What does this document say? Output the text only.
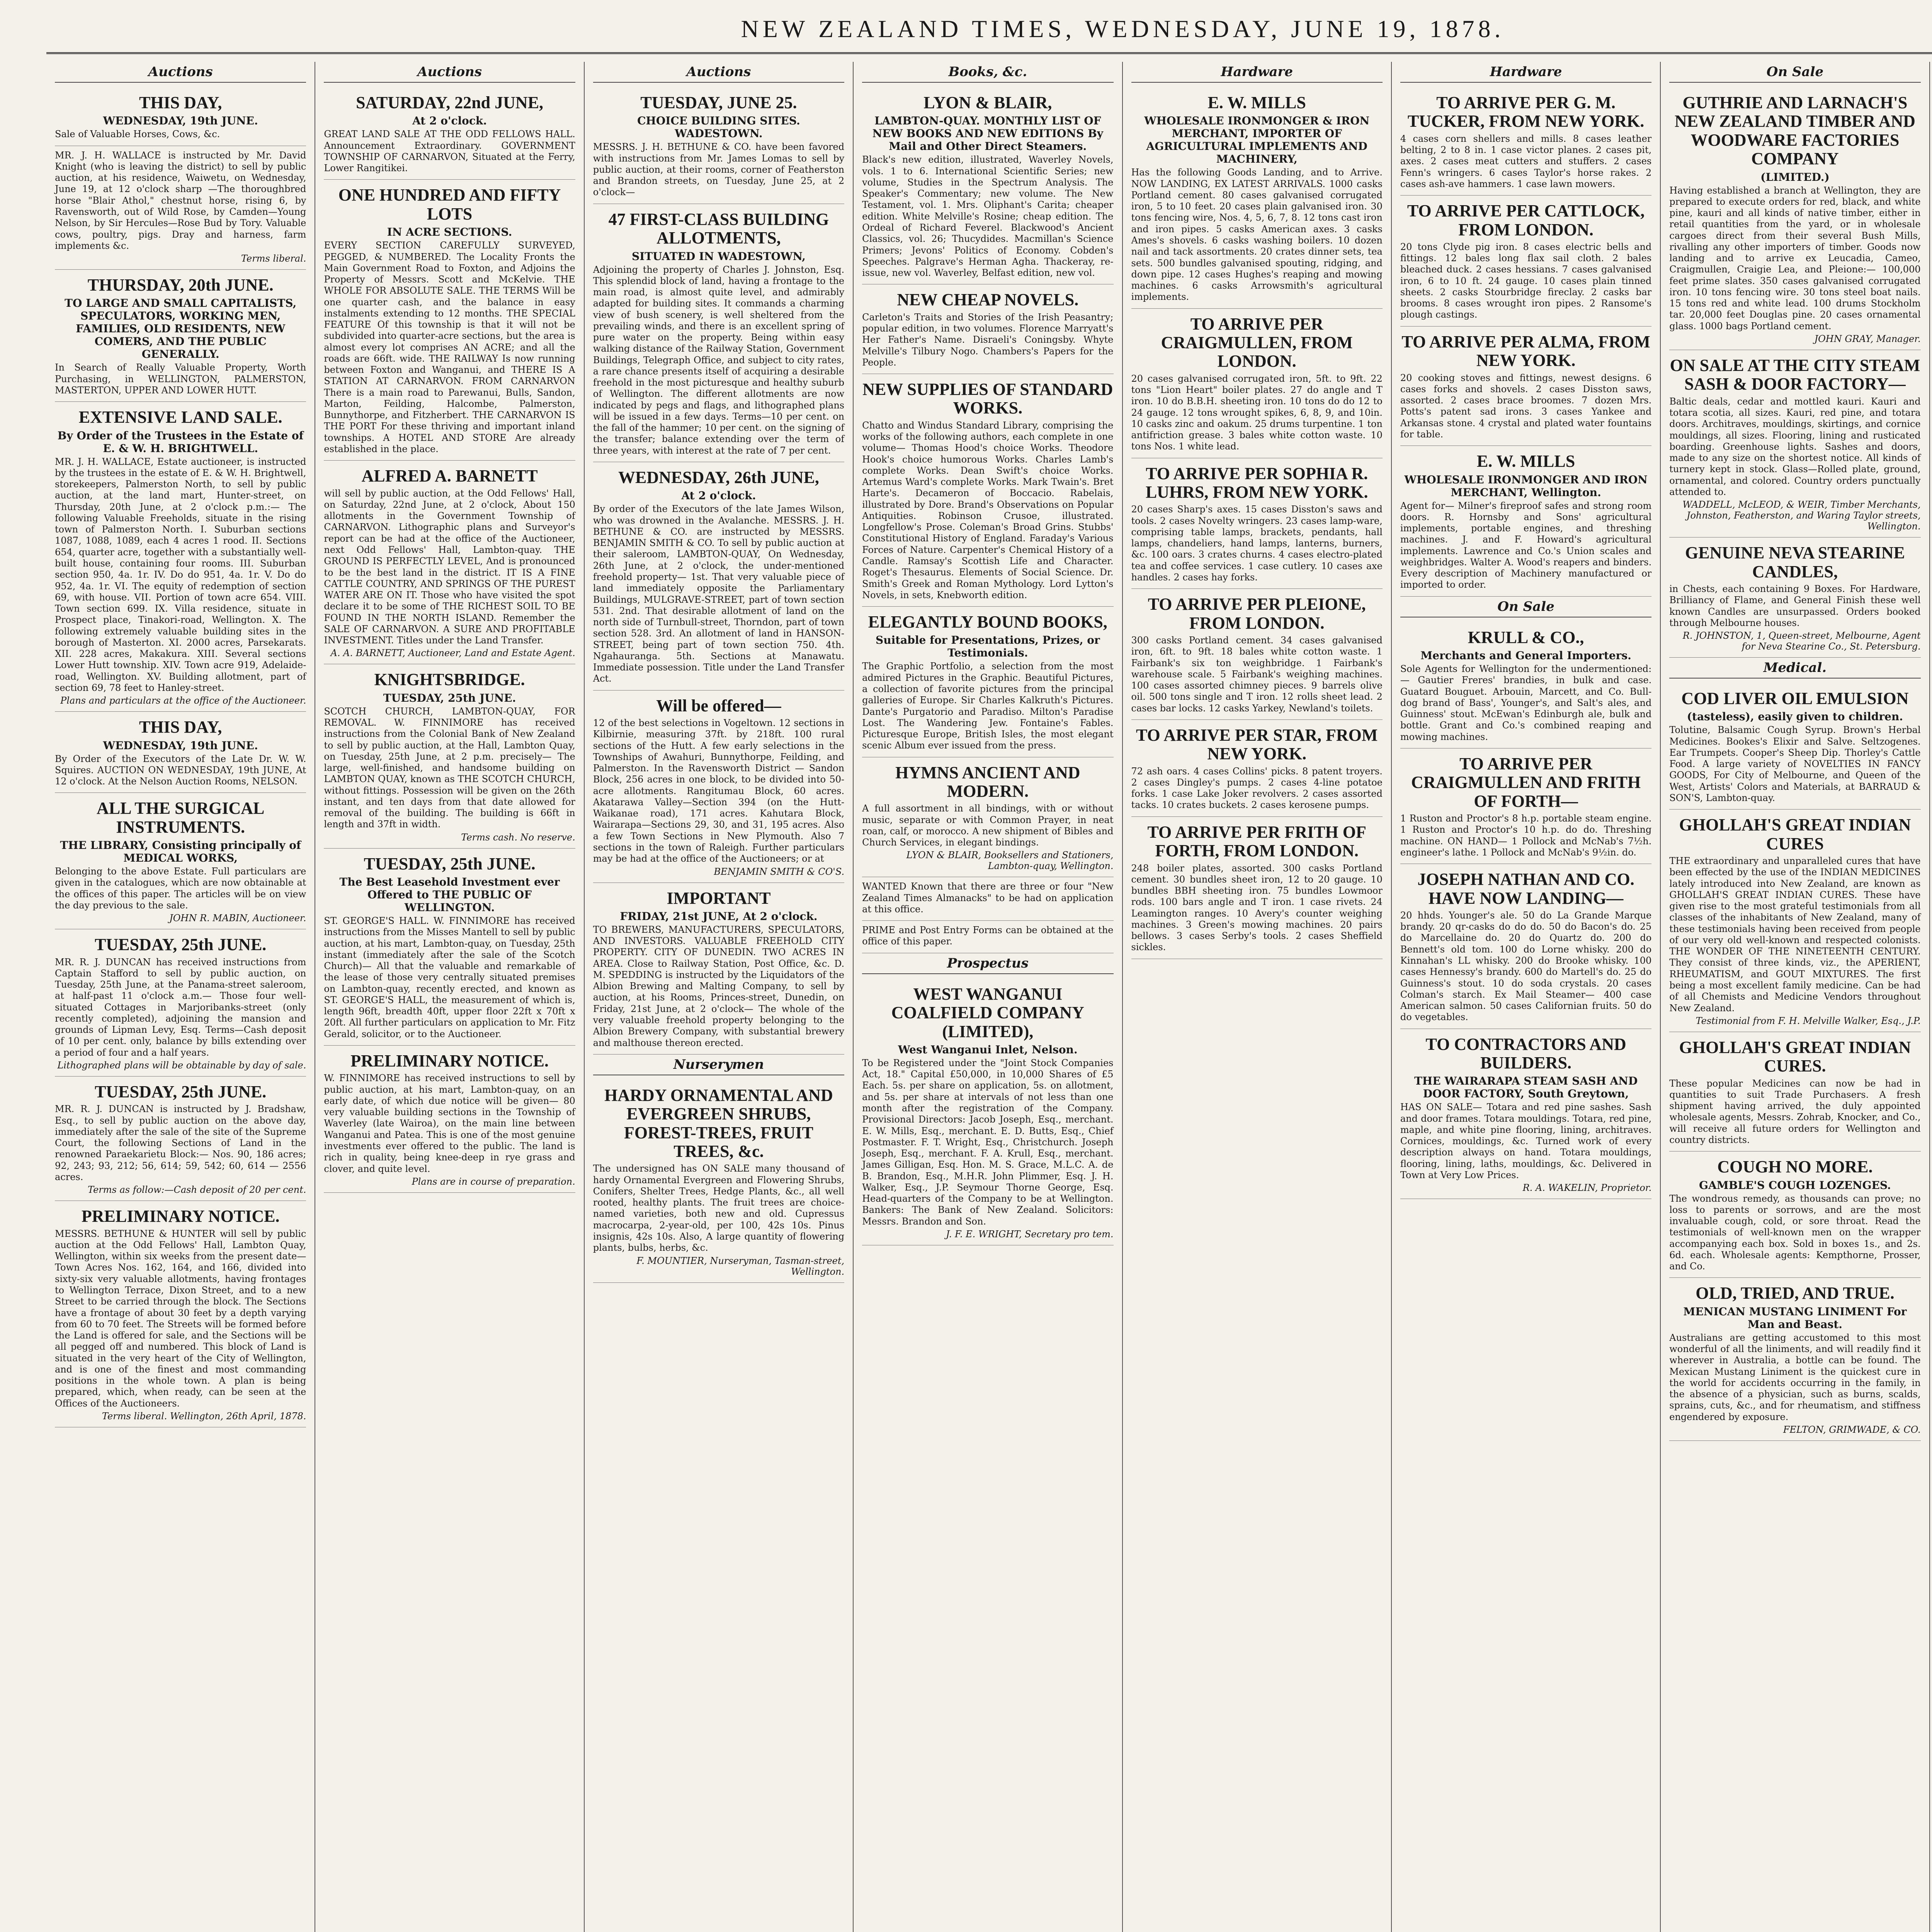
NEW ZEALAND TIMES, WEDNESDAY, JUNE 19, 1878.
Auctions
THIS DAY,
WEDNESDAY, 19th JUNE.
Sale of Valuable Horses, Cows, &c.
MR. J. H. WALLACE is instructed by Mr. David Knight (who is leaving the district) to sell by public auction, at his residence, Waiwetu, on Wednesday, June 19, at 12 o'clock sharp —The thoroughbred horse "Blair Athol," chestnut horse, rising 6, by Ravensworth, out of Wild Rose, by Camden—Young Nelson, by Sir Hercules—Rose Bud by Tory. Valuable cows, poultry, pigs. Dray and harness, farm implements &c.
Terms liberal.
THURSDAY, 20th JUNE.
TO LARGE AND SMALL CAPITALISTS, SPECULATORS, WORKING MEN, FAMILIES, OLD RESIDENTS, NEW COMERS, AND THE PUBLIC GENERALLY.
In Search of Really Valuable Property, Worth Purchasing, in WELLINGTON, PALMERSTON, MASTERTON, UPPER AND LOWER HUTT.
EXTENSIVE LAND SALE.
By Order of the Trustees in the Estate of E. & W. H. BRIGHTWELL.
MR. J. H. WALLACE, Estate auctioneer, is instructed by the trustees in the estate of E. & W. H. Brightwell, storekeepers, Palmerston North, to sell by public auction, at the land mart, Hunter-street, on Thursday, 20th June, at 2 o'clock p.m.:— The following Valuable Freeholds, situate in the rising town of Palmerston North. I. Suburban sections 1087, 1088, 1089, each 4 acres 1 rood. II. Sections 654, quarter acre, together with a substantially well-built house, containing four rooms. III. Suburban section 950, 4a. 1r. IV. Do do 951, 4a. 1r. V. Do do 952, 4a. 1r. VI. The equity of redemption of section 69, with house. VII. Portion of town acre 654. VIII. Town section 699. IX. Villa residence, situate in Prospect place, Tinakori-road, Wellington. X. The following extremely valuable building sites in the borough of Masterton. XI. 2000 acres, Parsekarats. XII. 228 acres, Makakura. XIII. Several sections Lower Hutt township. XIV. Town acre 919, Adelaide-road, Wellington. XV. Building allotment, part of section 69, 78 feet to Hanley-street.
Plans and particulars at the office of the Auctioneer.
THIS DAY,
WEDNESDAY, 19th JUNE.
By Order of the Executors of the Late Dr. W. W. Squires. AUCTION ON WEDNESDAY, 19th JUNE, At 12 o'clock. At the Nelson Auction Rooms, NELSON.
ALL THE SURGICAL INSTRUMENTS.
THE LIBRARY, Consisting principally of MEDICAL WORKS,
Belonging to the above Estate. Full particulars are given in the catalogues, which are now obtainable at the offices of this paper. The articles will be on view the day previous to the sale.
JOHN R. MABIN, Auctioneer.
TUESDAY, 25th JUNE.
MR. R. J. DUNCAN has received instructions from Captain Stafford to sell by public auction, on Tuesday, 25th June, at the Panama-street saleroom, at half-past 11 o'clock a.m.— Those four well-situated Cottages in Marjoribanks-street (only recently completed), adjoining the mansion and grounds of Lipman Levy, Esq. Terms—Cash deposit of 10 per cent. only, balance by bills extending over a period of four and a half years.
Lithographed plans will be obtainable by day of sale.
TUESDAY, 25th JUNE.
MR. R. J. DUNCAN is instructed by J. Bradshaw, Esq., to sell by public auction on the above day, immediately after the sale of the site of the Supreme Court, the following Sections of Land in the renowned Paraekarietu Block:— Nos. 90, 186 acres; 92, 243; 93, 212; 56, 614; 59, 542; 60, 614 — 2556 acres.
Terms as follow:—Cash deposit of 20 per cent.
PRELIMINARY NOTICE.
MESSRS. BETHUNE & HUNTER will sell by public auction at the Odd Fellows' Hall, Lambton Quay, Wellington, within six weeks from the present date— Town Acres Nos. 162, 164, and 166, divided into sixty-six very valuable allotments, having frontages to Wellington Terrace, Dixon Street, and to a new Street to be carried through the block. The Sections have a frontage of about 30 feet by a depth varying from 60 to 70 feet. The Streets will be formed before the Land is offered for sale, and the Sections will be all pegged off and numbered. This block of Land is situated in the very heart of the City of Wellington, and is one of the finest and most commanding positions in the whole town. A plan is being prepared, which, when ready, can be seen at the Offices of the Auctioneers.
Terms liberal. Wellington, 26th April, 1878.
Auctions
SATURDAY, 22nd JUNE,
At 2 o'clock.
GREAT LAND SALE AT THE ODD FELLOWS HALL. Announcement Extraordinary. GOVERNMENT TOWNSHIP OF CARNARVON, Situated at the Ferry, Lower Rangitikei.
ONE HUNDRED AND FIFTY LOTS
IN ACRE SECTIONS.
EVERY SECTION CAREFULLY SURVEYED, PEGGED, & NUMBERED. The Locality Fronts the Main Government Road to Foxton, and Adjoins the Property of Messrs. Scott and McKelvie. THE WHOLE FOR ABSOLUTE SALE. THE TERMS Will be one quarter cash, and the balance in easy instalments extending to 12 months. THE SPECIAL FEATURE Of this township is that it will not be subdivided into quarter-acre sections, but the area is almost every lot comprises AN ACRE; and all the roads are 66ft. wide. THE RAILWAY Is now running between Foxton and Wanganui, and THERE IS A STATION AT CARNARVON. FROM CARNARVON There is a main road to Parewanui, Bulls, Sandon, Marton, Feilding, Halcombe, Palmerston, Bunnythorpe, and Fitzherbert. THE CARNARVON IS THE PORT For these thriving and important inland townships. A HOTEL AND STORE Are already established in the place.
ALFRED A. BARNETT
will sell by public auction, at the Odd Fellows' Hall, on Saturday, 22nd June, at 2 o'clock, About 150 allotments in the Government Township of CARNARVON. Lithographic plans and Surveyor's report can be had at the office of the Auctioneer, next Odd Fellows' Hall, Lambton-quay. THE GROUND IS PERFECTLY LEVEL, And is pronounced to be the best land in the district. IT IS A FINE CATTLE COUNTRY, AND SPRINGS OF THE PUREST WATER ARE ON IT. Those who have visited the spot declare it to be some of THE RICHEST SOIL TO BE FOUND IN THE NORTH ISLAND. Remember the SALE OF CARNARVON. A SURE AND PROFITABLE INVESTMENT. Titles under the Land Transfer.
A. A. BARNETT, Auctioneer, Land and Estate Agent.
KNIGHTSBRIDGE.
TUESDAY, 25th JUNE.
SCOTCH CHURCH, LAMBTON-QUAY, FOR REMOVAL. W. FINNIMORE has received instructions from the Colonial Bank of New Zealand to sell by public auction, at the Hall, Lambton Quay, on Tuesday, 25th June, at 2 p.m. precisely— The large, well-finished, and handsome building on LAMBTON QUAY, known as THE SCOTCH CHURCH, without fittings. Possession will be given on the 26th instant, and ten days from that date allowed for removal of the building. The building is 66ft in length and 37ft in width.
Terms cash. No reserve.
TUESDAY, 25th JUNE.
The Best Leasehold Investment ever Offered to THE PUBLIC OF WELLINGTON.
ST. GEORGE'S HALL. W. FINNIMORE has received instructions from the Misses Mantell to sell by public auction, at his mart, Lambton-quay, on Tuesday, 25th instant (immediately after the sale of the Scotch Church)— All that the valuable and remarkable of the lease of those very centrally situated premises on Lambton-quay, recently erected, and known as ST. GEORGE'S HALL, the measurement of which is, length 96ft, breadth 40ft, upper floor 22ft x 70ft x 20ft. All further particulars on application to Mr. Fitz Gerald, solicitor, or to the Auctioneer.
PRELIMINARY NOTICE.
W. FINNIMORE has received instructions to sell by public auction, at his mart, Lambton-quay, on an early date, of which due notice will be given— 80 very valuable building sections in the Township of Waverley (late Wairoa), on the main line between Wanganui and Patea. This is one of the most genuine investments ever offered to the public. The land is rich in quality, being knee-deep in rye grass and clover, and quite level.
Plans are in course of preparation.
Auctions
TUESDAY, JUNE 25.
CHOICE BUILDING SITES. WADESTOWN.
MESSRS. J. H. BETHUNE & CO. have been favored with instructions from Mr. James Lomas to sell by public auction, at their rooms, corner of Featherston and Brandon streets, on Tuesday, June 25, at 2 o'clock—
47 FIRST-CLASS BUILDING ALLOTMENTS,
SITUATED IN WADESTOWN,
Adjoining the property of Charles J. Johnston, Esq. This splendid block of land, having a frontage to the main road, is almost quite level, and admirably adapted for building sites. It commands a charming view of bush scenery, is well sheltered from the prevailing winds, and there is an excellent spring of pure water on the property. Being within easy walking distance of the Railway Station, Government Buildings, Telegraph Office, and subject to city rates, a rare chance presents itself of acquiring a desirable freehold in the most picturesque and healthy suburb of Wellington. The different allotments are now indicated by pegs and flags, and lithographed plans will be issued in a few days. Terms—10 per cent. on the fall of the hammer; 10 per cent. on the signing of the transfer; balance extending over the term of three years, with interest at the rate of 7 per cent.
WEDNESDAY, 26th JUNE,
At 2 o'clock.
By order of the Executors of the late James Wilson, who was drowned in the Avalanche. MESSRS. J. H. BETHUNE & CO. are instructed by MESSRS. BENJAMIN SMITH & CO. To sell by public auction at their saleroom, LAMBTON-QUAY, On Wednesday, 26th June, at 2 o'clock, the under-mentioned freehold property— 1st. That very valuable piece of land immediately opposite the Parliamentary Buildings, MULGRAVE-STREET, part of town section 531. 2nd. That desirable allotment of land on the north side of Turnbull-street, Thorndon, part of town section 528. 3rd. An allotment of land in HANSON-STREET, being part of town section 750. 4th. Ngahauranga. 5th. Sections at Manawatu. Immediate possession. Title under the Land Transfer Act.
Will be offered—
12 of the best selections in Vogeltown. 12 sections in Kilbirnie, measuring 37ft. by 218ft. 100 rural sections of the Hutt. A few early selections in the Townships of Awahuri, Bunnythorpe, Feilding, and Palmerston. In the Ravensworth District — Sandon Block, 256 acres in one block, to be divided into 50-acre allotments. Rangitumau Block, 60 acres. Akatarawa Valley—Section 394 (on the Hutt-Waikanae road), 171 acres. Kahutara Block, Wairarapa—Sections 29, 30, and 31, 195 acres. Also a few Town Sections in New Plymouth. Also 7 sections in the town of Raleigh. Further particulars may be had at the office of the Auctioneers; or at
BENJAMIN SMITH & CO'S.
IMPORTANT
FRIDAY, 21st JUNE, At 2 o'clock.
TO BREWERS, MANUFACTURERS, SPECULATORS, AND INVESTORS. VALUABLE FREEHOLD CITY PROPERTY. CITY OF DUNEDIN. TWO ACRES IN AREA. Close to Railway Station, Post Office, &c. D. M. SPEDDING is instructed by the Liquidators of the Albion Brewing and Malting Company, to sell by auction, at his Rooms, Princes-street, Dunedin, on Friday, 21st June, at 2 o'clock— The whole of the very valuable freehold property belonging to the Albion Brewery Company, with substantial brewery and malthouse thereon erected.
Nurserymen
HARDY ORNAMENTAL AND EVERGREEN SHRUBS, FOREST-TREES, FRUIT TREES, &c.
The undersigned has ON SALE many thousand of hardy Ornamental Evergreen and Flowering Shrubs, Conifers, Shelter Trees, Hedge Plants, &c., all well rooted, healthy plants. The fruit trees are choice-named varieties, both new and old. Cupressus macrocarpa, 2-year-old, per 100, 42s 10s. Pinus insignis, 42s 10s. Also, A large quantity of flowering plants, bulbs, herbs, &c.
F. MOUNTIER, Nurseryman, Tasman-street, Wellington.
Books, &c.
LYON & BLAIR,
LAMBTON-QUAY. MONTHLY LIST OF NEW BOOKS AND NEW EDITIONS By Mail and Other Direct Steamers.
Black's new edition, illustrated, Waverley Novels, vols. 1 to 6. International Scientific Series; new volume, Studies in the Spectrum Analysis. The Speaker's Commentary; new volume. The New Testament, vol. 1. Mrs. Oliphant's Carita; cheaper edition. White Melville's Rosine; cheap edition. The Ordeal of Richard Feverel. Blackwood's Ancient Classics, vol. 26; Thucydides. Macmillan's Science Primers; Jevons' Politics of Economy. Cobden's Speeches. Palgrave's Herman Agha. Thackeray, re-issue, new vol. Waverley, Belfast edition, new vol.
NEW CHEAP NOVELS.
Carleton's Traits and Stories of the Irish Peasantry; popular edition, in two volumes. Florence Marryatt's Her Father's Name. Disraeli's Coningsby. Whyte Melville's Tilbury Nogo. Chambers's Papers for the People.
NEW SUPPLIES OF STANDARD WORKS.
Chatto and Windus Standard Library, comprising the works of the following authors, each complete in one volume— Thomas Hood's choice Works. Theodore Hook's choice humorous Works. Charles Lamb's complete Works. Dean Swift's choice Works. Artemus Ward's complete Works. Mark Twain's. Bret Harte's. Decameron of Boccacio. Rabelais, illustrated by Dore. Brand's Observations on Popular Antiquities. Robinson Crusoe, illustrated. Longfellow's Prose. Coleman's Broad Grins. Stubbs' Constitutional History of England. Faraday's Various Forces of Nature. Carpenter's Chemical History of a Candle. Ramsay's Scottish Life and Character. Roget's Thesaurus. Elements of Social Science. Dr. Smith's Greek and Roman Mythology. Lord Lytton's Novels, in sets, Knebworth edition.
ELEGANTLY BOUND BOOKS,
Suitable for Presentations, Prizes, or Testimonials.
The Graphic Portfolio, a selection from the most admired Pictures in the Graphic. Beautiful Pictures, a collection of favorite pictures from the principal galleries of Europe. Sir Charles Kalkruth's Pictures. Dante's Purgatorio and Paradiso. Milton's Paradise Lost. The Wandering Jew. Fontaine's Fables. Picturesque Europe, British Isles, the most elegant scenic Album ever issued from the press.
HYMNS ANCIENT AND MODERN.
A full assortment in all bindings, with or without music, separate or with Common Prayer, in neat roan, calf, or morocco. A new shipment of Bibles and Church Services, in elegant bindings.
LYON & BLAIR, Booksellers and Stationers, Lambton-quay, Wellington.
WANTED Known that there are three or four "New Zealand Times Almanacks" to be had on application at this office.
PRIME and Post Entry Forms can be obtained at the office of this paper.
Prospectus
WEST WANGANUI COALFIELD COMPANY (LIMITED),
West Wanganui Inlet, Nelson.
To be Registered under the "Joint Stock Companies Act, 18." Capital £50,000, in 10,000 Shares of £5 Each. 5s. per share on application, 5s. on allotment, and 5s. per share at intervals of not less than one month after the registration of the Company. Provisional Directors: Jacob Joseph, Esq., merchant. E. W. Mills, Esq., merchant. E. D. Butts, Esq., Chief Postmaster. F. T. Wright, Esq., Christchurch. Joseph Joseph, Esq., merchant. F. A. Krull, Esq., merchant. James Gilligan, Esq. Hon. M. S. Grace, M.L.C. A. de B. Brandon, Esq., M.H.R. John Plimmer, Esq. J. H. Walker, Esq., J.P. Seymour Thorne George, Esq. Head-quarters of the Company to be at Wellington. Bankers: The Bank of New Zealand. Solicitors: Messrs. Brandon and Son.
J. F. E. WRIGHT, Secretary pro tem.
Hardware
E. W. MILLS
WHOLESALE IRONMONGER & IRON MERCHANT, IMPORTER OF AGRICULTURAL IMPLEMENTS AND MACHINERY,
Has the following Goods Landing, and to Arrive. NOW LANDING, EX LATEST ARRIVALS. 1000 casks Portland cement. 80 cases galvanised corrugated iron, 5 to 10 feet. 20 cases plain galvanised iron. 30 tons fencing wire, Nos. 4, 5, 6, 7, 8. 12 tons cast iron and iron pipes. 5 casks American axes. 3 casks Ames's shovels. 6 casks washing boilers. 10 dozen nail and tack assortments. 20 crates dinner sets, tea sets. 500 bundles galvanised spouting, ridging, and down pipe. 12 cases Hughes's reaping and mowing machines. 6 casks Arrowsmith's agricultural implements.
TO ARRIVE PER CRAIGMULLEN, FROM LONDON.
20 cases galvanised corrugated iron, 5ft. to 9ft. 22 tons "Lion Heart" boiler plates. 27 do angle and T iron. 10 do B.B.H. sheeting iron. 10 tons do do 12 to 24 gauge. 12 tons wrought spikes, 6, 8, 9, and 10in. 10 casks zinc and oakum. 25 drums turpentine. 1 ton antifriction grease. 3 bales white cotton waste. 10 tons Nos. 1 white lead.
TO ARRIVE PER SOPHIA R. LUHRS, FROM NEW YORK.
20 cases Sharp's axes. 15 cases Disston's saws and tools. 2 cases Novelty wringers. 23 cases lamp-ware, comprising table lamps, brackets, pendants, hall lamps, chandeliers, hand lamps, lanterns, burners, &c. 100 oars. 3 crates churns. 4 cases electro-plated tea and coffee services. 1 case cutlery. 10 cases axe handles. 2 cases hay forks.
TO ARRIVE PER PLEIONE, FROM LONDON.
300 casks Portland cement. 34 cases galvanised iron, 6ft. to 9ft. 18 bales white cotton waste. 1 Fairbank's six ton weighbridge. 1 Fairbank's warehouse scale. 5 Fairbank's weighing machines. 100 cases assorted chimney pieces. 9 barrels olive oil. 500 tons single and T iron. 12 rolls sheet lead. 2 cases bar locks. 12 casks Yarkey, Newland's toilets.
TO ARRIVE PER STAR, FROM NEW YORK.
72 ash oars. 4 cases Collins' picks. 8 patent troyers. 2 cases Dingley's pumps. 2 cases 4-line potatoe forks. 1 case Lake Joker revolvers. 2 cases assorted tacks. 10 crates buckets. 2 cases kerosene pumps.
TO ARRIVE PER FRITH OF FORTH, FROM LONDON.
248 boiler plates, assorted. 300 casks Portland cement. 30 bundles sheet iron, 12 to 20 gauge. 10 bundles BBH sheeting iron. 75 bundles Lowmoor rods. 100 bars angle and T iron. 1 case rivets. 24 Leamington ranges. 10 Avery's counter weighing machines. 3 Green's mowing machines. 20 pairs bellows. 3 cases Serby's tools. 2 cases Sheffield sickles.
Hardware
TO ARRIVE PER G. M. TUCKER, FROM NEW YORK.
4 cases corn shellers and mills. 8 cases leather belting, 2 to 8 in. 1 case victor planes. 2 cases pit, axes. 2 cases meat cutters and stuffers. 2 cases Fenn's wringers. 6 cases Taylor's horse rakes. 2 cases ash-ave hammers. 1 case lawn mowers.
TO ARRIVE PER CATTLOCK, FROM LONDON.
20 tons Clyde pig iron. 8 cases electric bells and fittings. 12 bales long flax sail cloth. 2 bales bleached duck. 2 cases hessians. 7 cases galvanised iron, 6 to 10 ft. 24 gauge. 10 cases plain tinned sheets. 2 casks Stourbridge fireclay. 2 casks bar brooms. 8 cases wrought iron pipes. 2 Ransome's plough castings.
TO ARRIVE PER ALMA, FROM NEW YORK.
20 cooking stoves and fittings, newest designs. 6 cases forks and shovels. 2 cases Disston saws, assorted. 2 cases brace broomes. 7 dozen Mrs. Potts's patent sad irons. 3 cases Yankee and Arkansas stone. 4 crystal and plated water fountains for table.
E. W. MILLS
WHOLESALE IRONMONGER AND IRON MERCHANT, Wellington.
Agent for— Milner's fireproof safes and strong room doors. R. Hornsby and Sons' agricultural implements, portable engines, and threshing machines. J. and F. Howard's agricultural implements. Lawrence and Co.'s Union scales and weighbridges. Walter A. Wood's reapers and binders. Every description of Machinery manufactured or imported to order.
On Sale
KRULL & CO.,
Merchants and General Importers.
Sole Agents for Wellington for the undermentioned:— Gautier Freres' brandies, in bulk and case. Guatard Bouguet. Arbouin, Marcett, and Co. Bull-dog brand of Bass', Younger's, and Salt's ales, and Guinness' stout. McEwan's Edinburgh ale, bulk and bottle. Grant and Co.'s combined reaping and mowing machines.
TO ARRIVE PER CRAIGMULLEN AND FRITH OF FORTH—
1 Ruston and Proctor's 8 h.p. portable steam engine. 1 Ruston and Proctor's 10 h.p. do do. Threshing machine. ON HAND— 1 Pollock and McNab's 7½h. engineer's lathe. 1 Pollock and McNab's 9½in. do.
JOSEPH NATHAN AND CO. HAVE NOW LANDING—
20 hhds. Younger's ale. 50 do La Grande Marque brandy. 20 qr-casks do do do. 50 do Bacon's do. 25 do Marcellaine do. 20 do Quartz do. 200 do Bennett's old tom. 100 do Lorne whisky. 200 do Kinnahan's LL whisky. 200 do Brooke whisky. 100 cases Hennessy's brandy. 600 do Martell's do. 25 do Guinness's stout. 10 do soda crystals. 20 cases Colman's starch. Ex Mail Steamer— 400 case American salmon. 50 cases Californian fruits. 50 do do vegetables.
TO CONTRACTORS AND BUILDERS.
THE WAIRARAPA STEAM SASH AND DOOR FACTORY, South Greytown,
HAS ON SALE— Totara and red pine sashes. Sash and door frames. Totara mouldings. Totara, red pine, maple, and white pine flooring, lining, architraves. Cornices, mouldings, &c. Turned work of every description always on hand. Totara mouldings, flooring, lining, laths, mouldings, &c. Delivered in Town at Very Low Prices.
R. A. WAKELIN, Proprietor.
On Sale
GUTHRIE AND LARNACH'S NEW ZEALAND TIMBER AND WOODWARE FACTORIES COMPANY
(LIMITED.)
Having established a branch at Wellington, they are prepared to execute orders for red, black, and white pine, kauri and all kinds of native timber, either in retail quantities from the yard, or in wholesale cargoes direct from their several Bush Mills, rivalling any other importers of timber. Goods now landing and to arrive ex Leucadia, Cameo, Craigmullen, Craigie Lea, and Pleione:— 100,000 feet prime slates. 350 cases galvanised corrugated iron. 10 tons fencing wire. 30 tons steel boat nails. 15 tons red and white lead. 100 drums Stockholm tar. 20,000 feet Douglas pine. 20 cases ornamental glass. 1000 bags Portland cement.
JOHN GRAY, Manager.
ON SALE AT THE CITY STEAM SASH & DOOR FACTORY—
Baltic deals, cedar and mottled kauri. Kauri and totara scotia, all sizes. Kauri, red pine, and totara doors. Architraves, mouldings, skirtings, and cornice mouldings, all sizes. Flooring, lining and rusticated boarding. Greenhouse lights. Sashes and doors, made to any size on the shortest notice. All kinds of turnery kept in stock. Glass—Rolled plate, ground, ornamental, and colored. Country orders punctually attended to.
WADDELL, McLEOD, & WEIR, Timber Merchants, Johnston, Featherston, and Waring Taylor streets, Wellington.
GENUINE NEVA STEARINE CANDLES,
in Chests, each containing 9 Boxes. For Hardware, Brilliancy of Flame, and General Finish these well known Candles are unsurpassed. Orders booked through Melbourne houses.
R. JOHNSTON, 1, Queen-street, Melbourne, Agent for Neva Stearine Co., St. Petersburg.
Medical.
COD LIVER OIL EMULSION
(tasteless), easily given to children.
Tolutine, Balsamic Cough Syrup. Brown's Herbal Medicines. Bookes's Elixir and Salve. Seltzogenes. Ear Trumpets. Cooper's Sheep Dip. Thorley's Cattle Food. A large variety of NOVELTIES IN FANCY GOODS, For City of Melbourne, and Queen of the West, Artists' Colors and Materials, at BARRAUD & SON'S, Lambton-quay.
GHOLLAH'S GREAT INDIAN CURES
THE extraordinary and unparalleled cures that have been effected by the use of the INDIAN MEDICINES lately introduced into New Zealand, are known as GHOLLAH'S GREAT INDIAN CURES. These have given rise to the most grateful testimonials from all classes of the inhabitants of New Zealand, many of these testimonials having been received from people of our very old well-known and respected colonists. THE WONDER OF THE NINETEENTH CENTURY. They consist of three kinds, viz., the APERIENT, RHEUMATISM, and GOUT MIXTURES. The first being a most excellent family medicine. Can be had of all Chemists and Medicine Vendors throughout New Zealand.
Testimonial from F. H. Melville Walker, Esq., J.P.
GHOLLAH'S GREAT INDIAN CURES.
These popular Medicines can now be had in quantities to suit Trade Purchasers. A fresh shipment having arrived, the duly appointed wholesale agents, Messrs. Zohrab, Knocker, and Co., will receive all future orders for Wellington and country districts.
COUGH NO MORE.
GAMBLE'S COUGH LOZENGES.
The wondrous remedy, as thousands can prove; no loss to parents or sorrows, and are the most invaluable cough, cold, or sore throat. Read the testimonials of well-known men on the wrapper accompanying each box. Sold in boxes 1s., and 2s. 6d. each. Wholesale agents: Kempthorne, Prosser, and Co.
OLD, TRIED, AND TRUE.
MENICAN MUSTANG LINIMENT For Man and Beast.
Australians are getting accustomed to this most wonderful of all the liniments, and will readily find it wherever in Australia, a bottle can be found. The Mexican Mustang Liniment is the quickest cure in the world for accidents occurring in the family, in the absence of a physician, such as burns, scalds, sprains, cuts, &c., and for rheumatism, and stiffness engendered by exposure.
FELTON, GRIMWADE, & CO.
